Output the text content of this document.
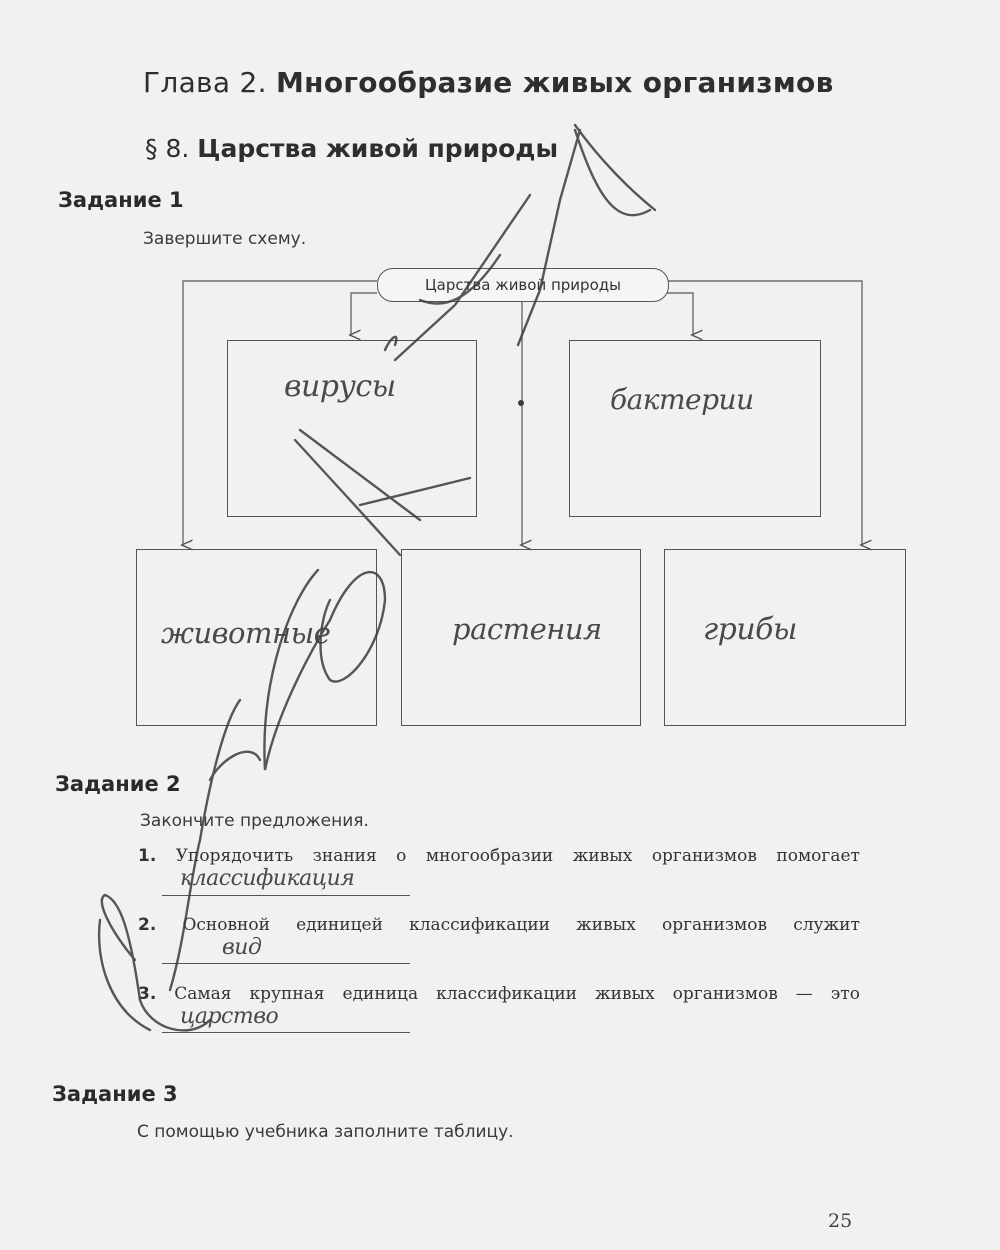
Глава 2. Многообразие живых организмов
§ 8. Царства живой природы
Задание 1
Завершите схему.
Царства живой природы
вирусы	бактерии
животные	растения	грибы
Задание 2
Закончите предложения.
1. Упорядочить знания о многообразии живых организмов помогает
классификация
2. Основной единицей классификации живых организмов служит
вид
3. Самая крупная единица классификации живых организмов — это
царство
Задание 3
С помощью учебника заполните таблицу.
25
